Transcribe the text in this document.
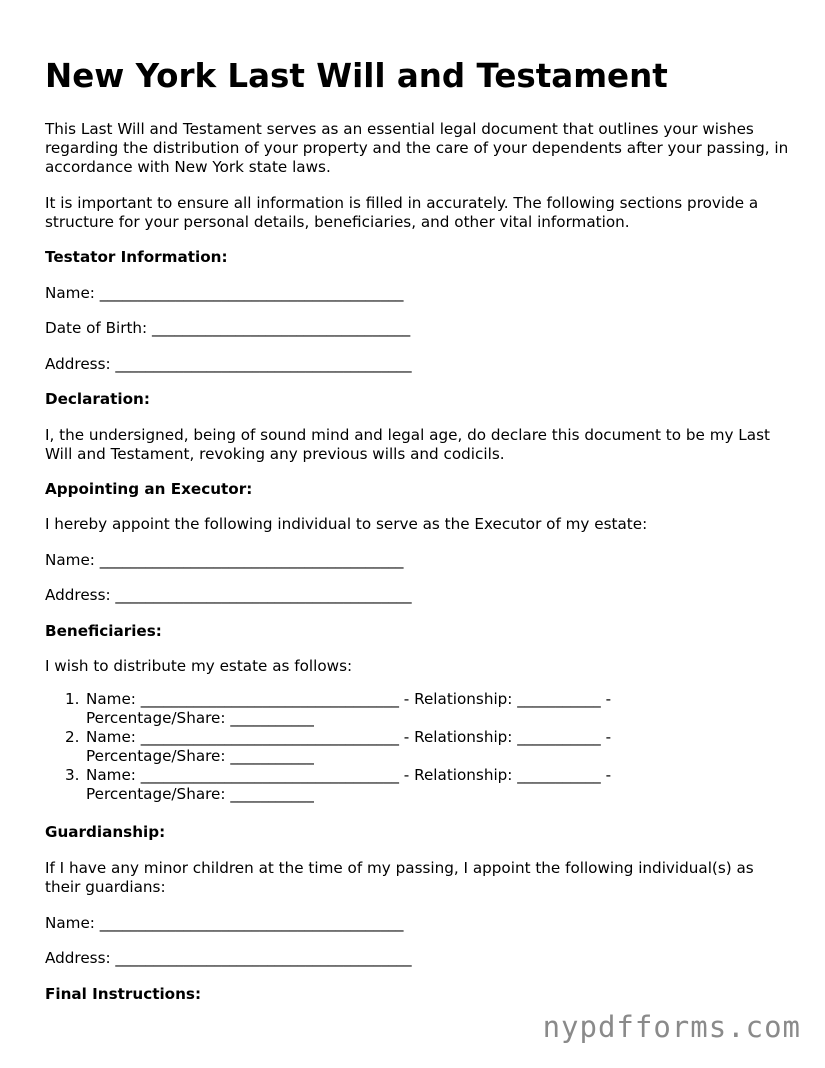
New York Last Will and Testament

This Last Will and Testament serves as an essential legal document that outlines your wishes regarding the distribution of your property and the care of your dependents after your passing, in accordance with New York state laws.

It is important to ensure all information is filled in accurately. The following sections provide a structure for your personal details, beneficiaries, and other vital information.

Testator Information:

Name: ________________________________________

Date of Birth: __________________________________

Address: _______________________________________

Declaration:

I, the undersigned, being of sound mind and legal age, do declare this document to be my Last Will and Testament, revoking any previous wills and codicils.

Appointing an Executor:

I hereby appoint the following individual to serve as the Executor of my estate:

Name: ________________________________________

Address: _______________________________________

Beneficiaries:

I wish to distribute my estate as follows:

1. Name: __________________________________ - Relationship: ___________ - Percentage/Share: ___________
2. Name: __________________________________ - Relationship: ___________ - Percentage/Share: ___________
3. Name: __________________________________ - Relationship: ___________ - Percentage/Share: ___________

Guardianship:

If I have any minor children at the time of my passing, I appoint the following individual(s) as their guardians:

Name: ________________________________________

Address: _______________________________________

Final Instructions:

nypdfforms.com
